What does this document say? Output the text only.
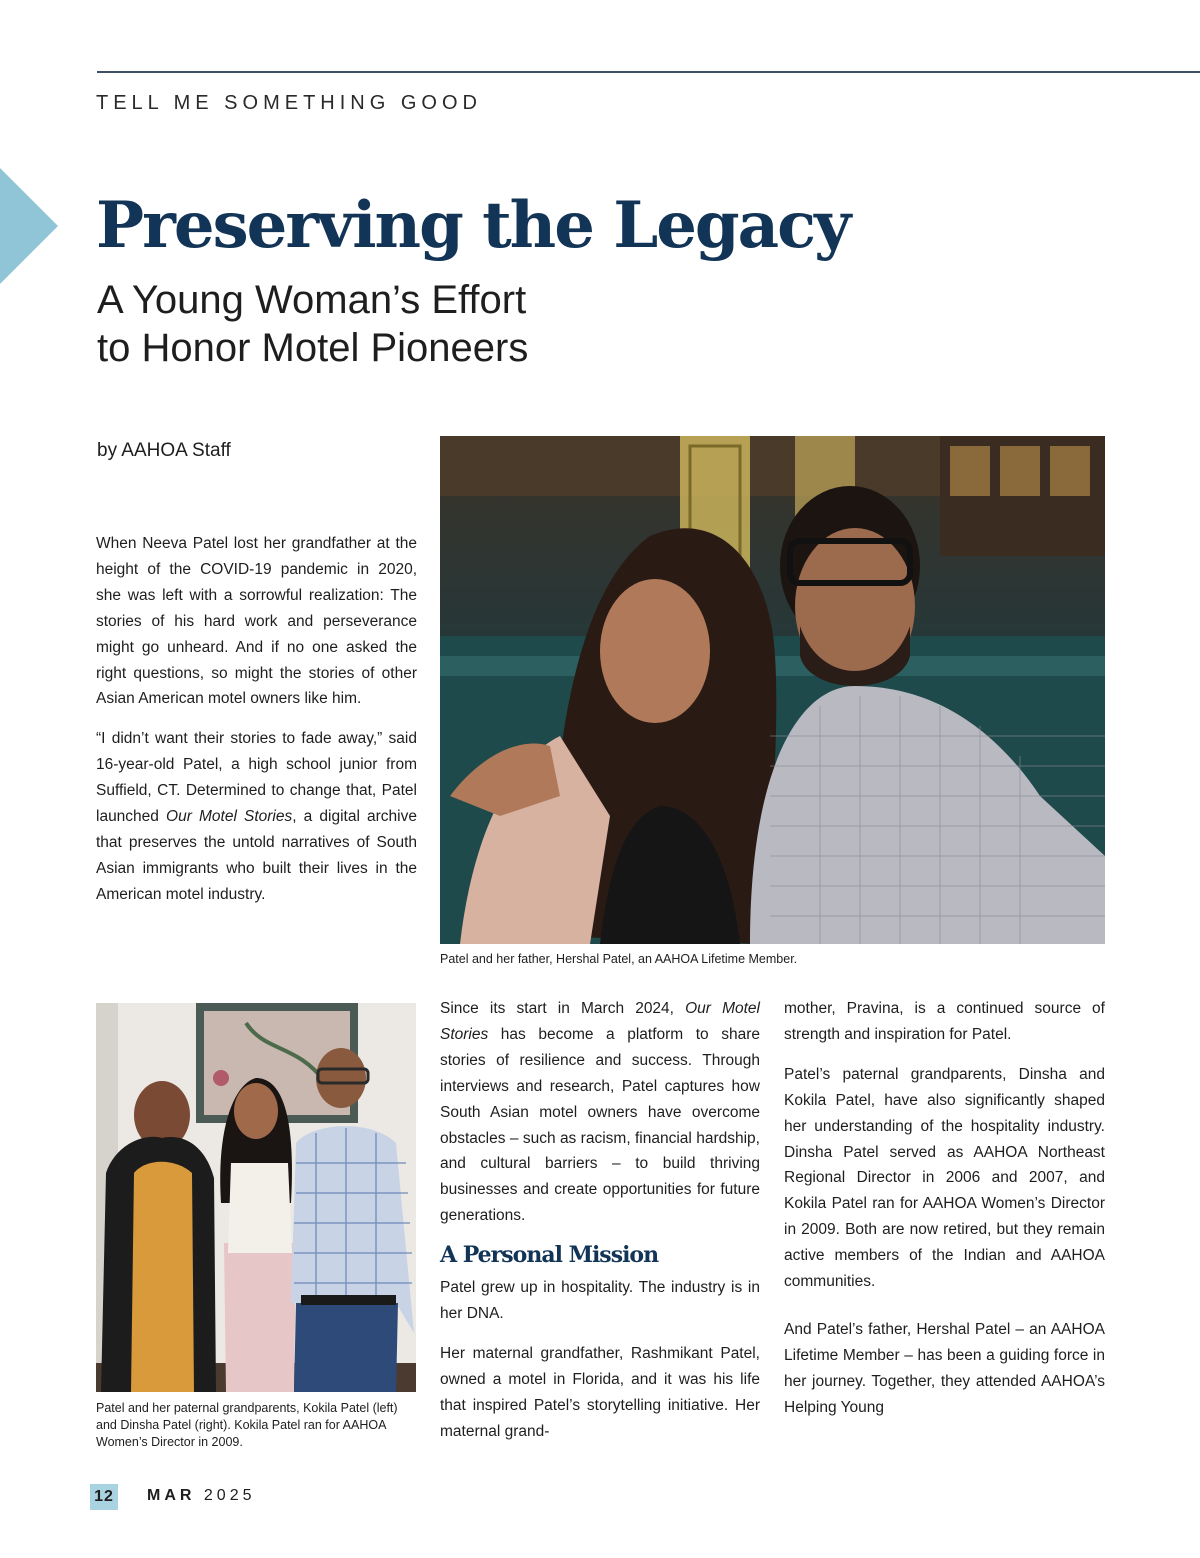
TELL ME SOMETHING GOOD
Preserving the Legacy
A Young Woman’s Effort
to Honor Motel Pioneers
by AAHOA Staff

When Neeva Patel lost her grandfather at the height of the COVID-19 pandemic in 2020, she was left with a sorrowful realization: The stories of his hard work and perseverance might go unheard. And if no one asked the right questions, so might the stories of other Asian American motel owners like him.

“I didn’t want their stories to fade away,” said 16-year-old Patel, a high school junior from Suffield, CT. Determined to change that, Patel launched Our Motel Stories, a digital archive that preserves the untold narratives of South Asian immigrants who built their lives in the American motel industry.

Patel and her father, Hershal Patel, an AAHOA Lifetime Member.
Patel and her paternal grandparents, Kokila Patel (left) and Dinsha Patel (right). Kokila Patel ran for AAHOA Women’s Director in 2009.

Since its start in March 2024, Our Motel Stories has become a platform to share stories of resilience and success. Through interviews and research, Patel captures how South Asian motel owners have overcome obstacles – such as racism, financial hardship, and cultural barriers – to build thriving businesses and create opportunities for future generations.

A Personal Mission

Patel grew up in hospitality. The industry is in her DNA.

Her maternal grandfather, Rashmikant Patel, owned a motel in Florida, and it was his life that inspired Patel’s storytelling initiative. Her maternal grand-

mother, Pravina, is a continued source of strength and inspiration for Patel.

Patel’s paternal grandparents, Dinsha and Kokila Patel, have also significantly shaped her understanding of the hospitality industry. Dinsha Patel served as AAHOA Northeast Regional Director in 2006 and 2007, and Kokila Patel ran for AAHOA Women’s Director in 2009. Both are now retired, but they remain active members of the Indian and AAHOA communities.

And Patel’s father, Hershal Patel – an AAHOA Lifetime Member – has been a guiding force in her journey. Together, they attended AAHOA’s Helping Young

12 MAR 2025
